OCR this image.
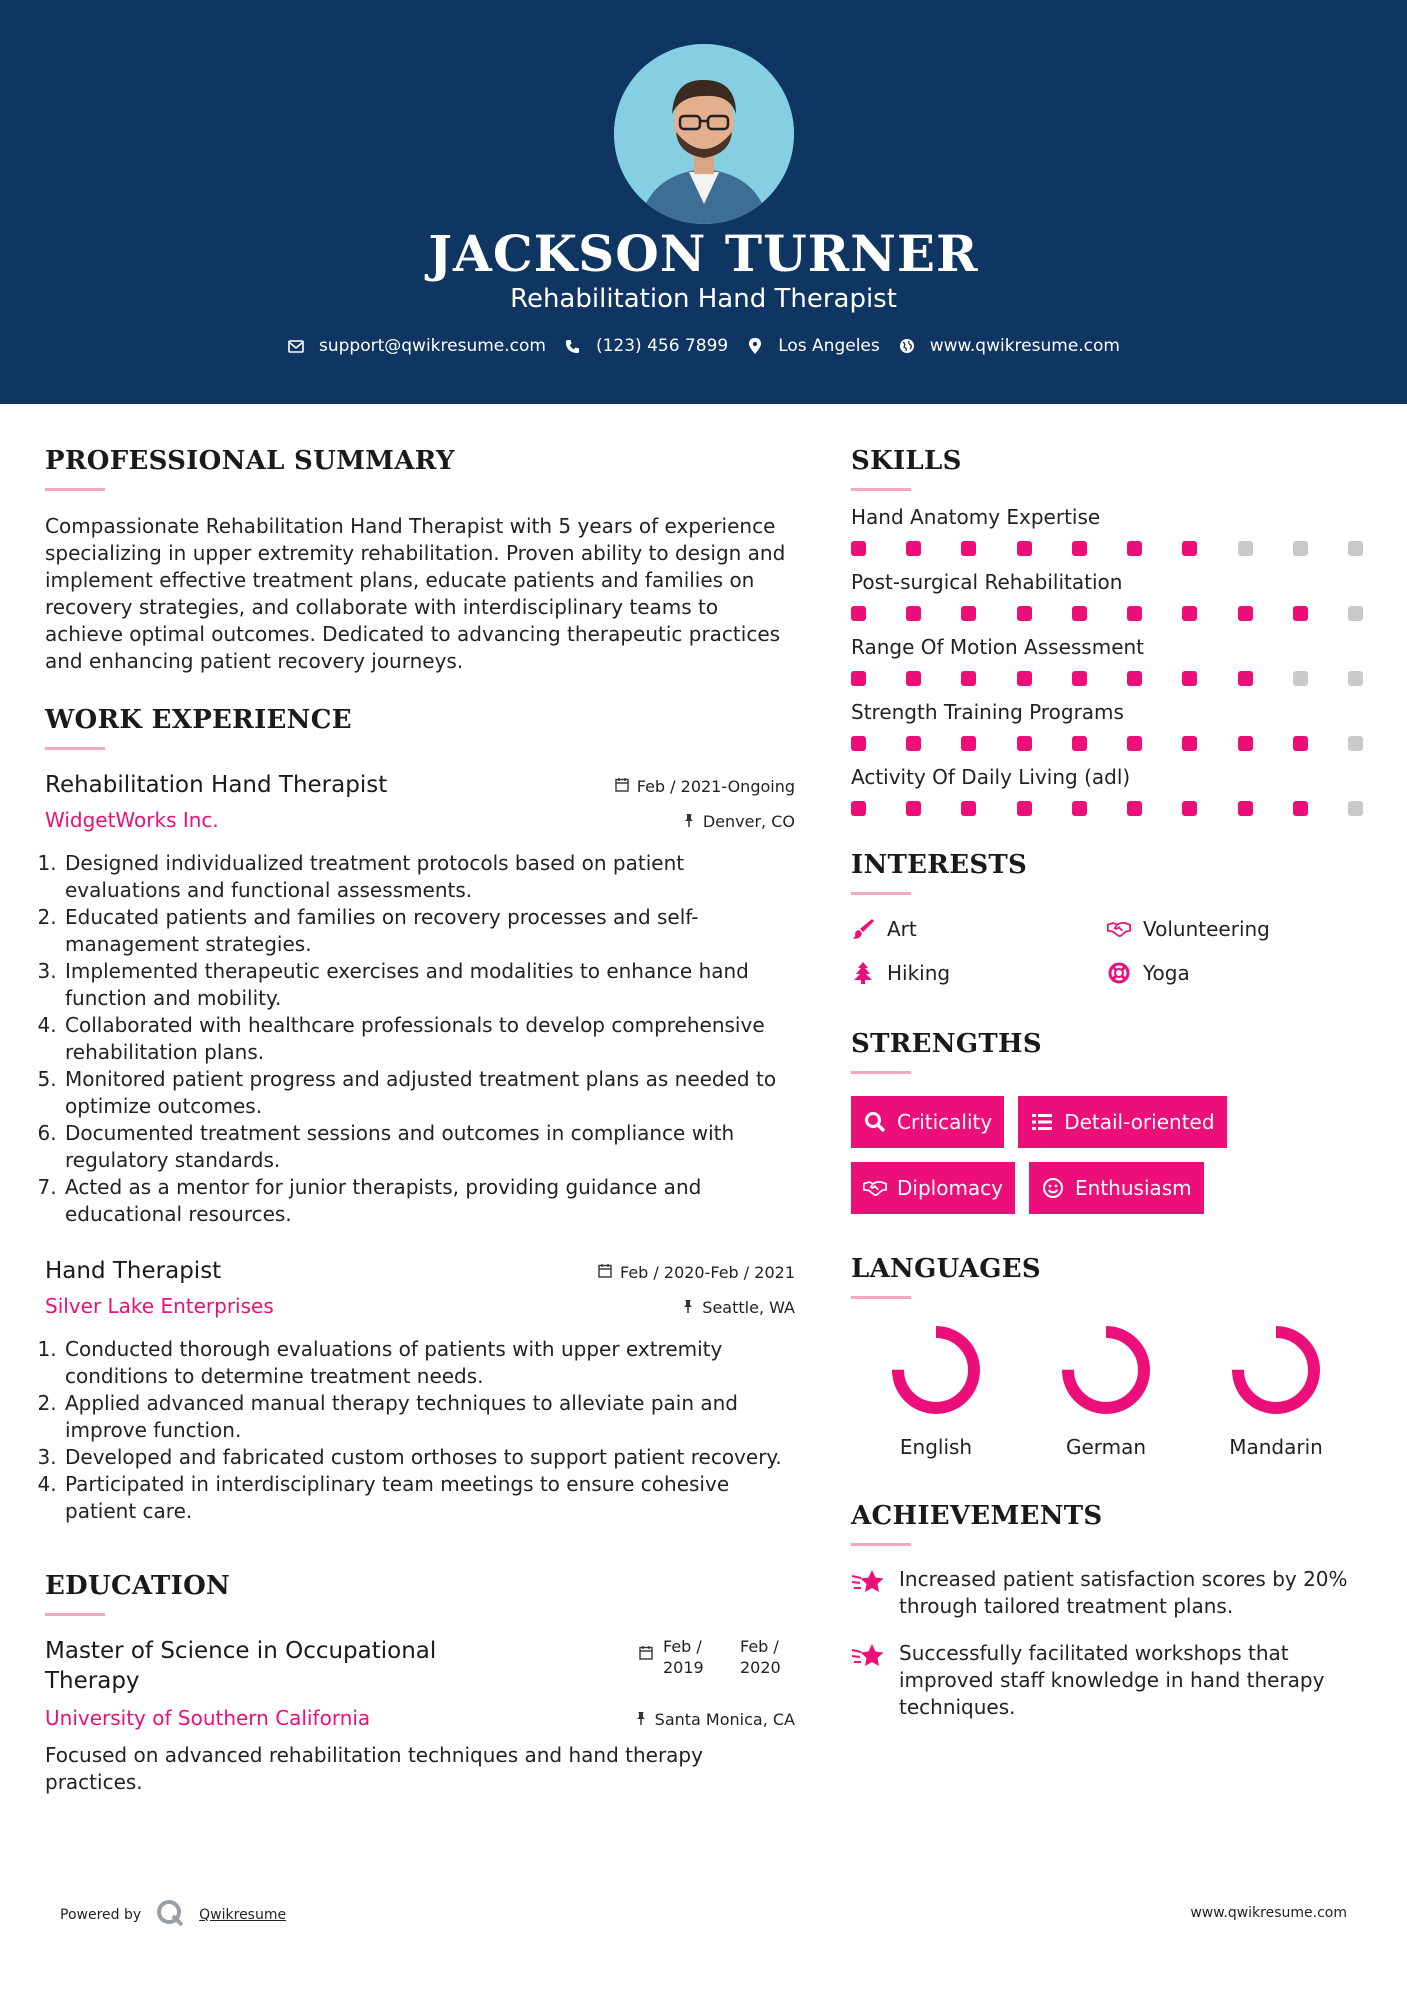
JACKSON TURNER
Rehabilitation Hand Therapist
support@qwikresume.com	(123) 456 7899	Los Angeles	www.qwikresume.com
PROFESSIONAL SUMMARY

Compassionate Rehabilitation Hand Therapist with 5 years of experience specializing in upper extremity rehabilitation. Proven ability to design and implement effective treatment plans, educate patients and families on recovery strategies, and collaborate with interdisciplinary teams to achieve optimal outcomes. Dedicated to advancing therapeutic practices and enhancing patient recovery journeys.

WORK EXPERIENCE
Rehabilitation Hand Therapist	Feb / 2021-Ongoing
WidgetWorks Inc.	Denver, CO
1. Designed individualized treatment protocols based on patient evaluations and functional assessments.
2. Educated patients and families on recovery processes and self-management strategies.
3. Implemented therapeutic exercises and modalities to enhance hand function and mobility.
4. Collaborated with healthcare professionals to develop comprehensive rehabilitation plans.
5. Monitored patient progress and adjusted treatment plans as needed to optimize outcomes.
6. Documented treatment sessions and outcomes in compliance with regulatory standards.
7. Acted as a mentor for junior therapists, providing guidance and educational resources.
Hand Therapist	Feb / 2020-Feb / 2021
Silver Lake Enterprises	Seattle, WA
1. Conducted thorough evaluations of patients with upper extremity conditions to determine treatment needs.
2. Applied advanced manual therapy techniques to alleviate pain and improve function.
3. Developed and fabricated custom orthoses to support patient recovery.
4. Participated in interdisciplinary team meetings to ensure cohesive patient care.
EDUCATION
Master of Science in Occupational Therapy
Feb / 2019
Feb / 2020
University of Southern California	Santa Monica, CA

Focused on advanced rehabilitation techniques and hand therapy practices.

SKILLS
Hand Anatomy Expertise
Post-surgical Rehabilitation
Range Of Motion Assessment
Strength Training Programs
Activity Of Daily Living (adl)
INTERESTS
Art	Volunteering
Hiking	Yoga
STRENGTHS
Criticality	Detail-oriented
Diplomacy	Enthusiasm
LANGUAGES
English	German	Mandarin
ACHIEVEMENTS
Increased patient satisfaction scores by 20% through tailored treatment plans.
Successfully facilitated workshops that improved staff knowledge in hand therapy techniques.
Powered by	Qwikresume	www.qwikresume.com
